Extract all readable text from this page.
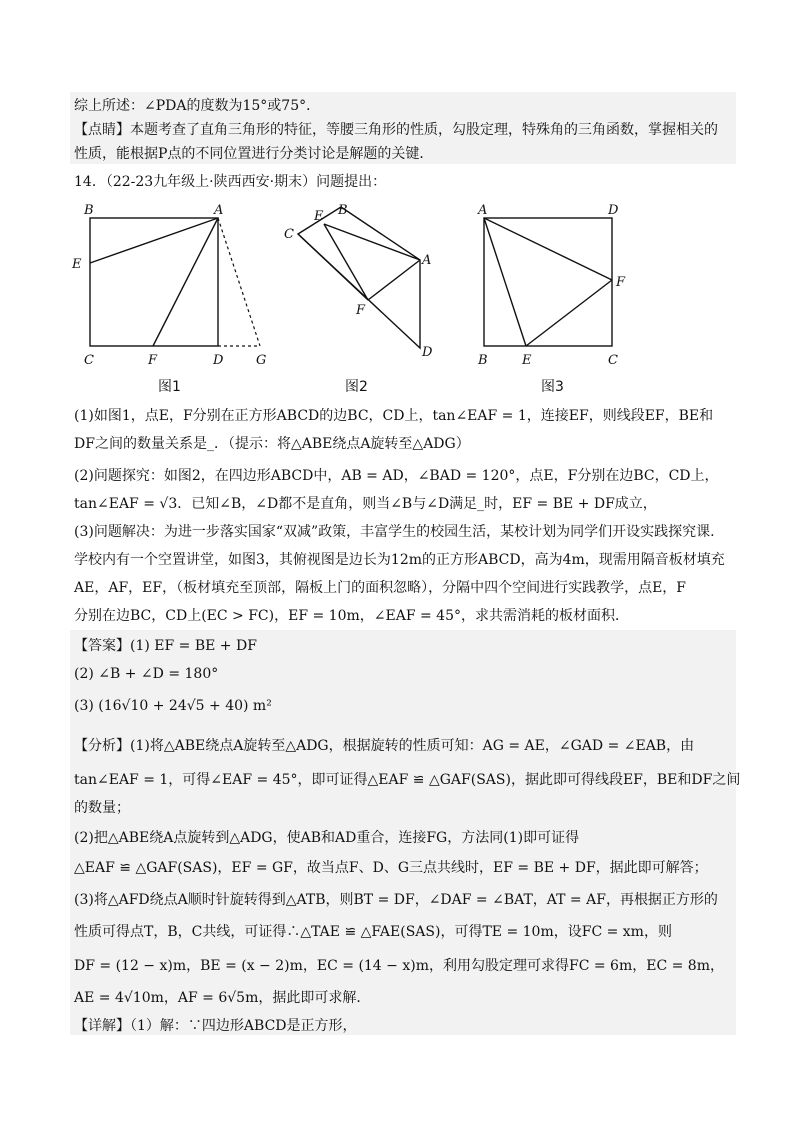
综上所述：∠PDA的度数为15°或75°．
【点睛】本题考查了直角三角形的特征，等腰三角形的性质，勾股定理，特殊角的三角函数，掌握相关的
性质，能根据P点的不同位置进行分类讨论是解题的关键．
14．（22-23九年级上·陕西西安·期末）问题提出：
B	A
E
C	F	D	G
图1
E B
C
A
F
D
图2
A	D
F
B	E	C
图3
(1)如图1，点E，F分别在正方形ABCD的边BC，CD上，tan∠EAF = 1，连接EF，则线段EF，BE和
DF之间的数量关系是_．（提示：将△ABE绕点A旋转至△ADG）
(2)问题探究：如图2，在四边形ABCD中，AB = AD，∠BAD = 120°，点E，F分别在边BC，CD上，
tan∠EAF = √3．已知∠B，∠D都不是直角，则当∠B与∠D满足_时，EF = BE + DF成立，
(3)问题解决：为进一步落实国家“双减”政策，丰富学生的校园生活，某校计划为同学们开设实践探究课.
学校内有一个空置讲堂，如图3，其俯视图是边长为12m的正方形ABCD，高为4m，现需用隔音板材填充
AE，AF，EF，（板材填充至顶部，隔板上门的面积忽略），分隔中四个空间进行实践教学，点E，F
分别在边BC，CD上(EC > FC)，EF = 10m，∠EAF = 45°，求共需消耗的板材面积．
【答案】(1) EF = BE + DF
(2) ∠B + ∠D = 180°
(3) (16√10 + 24√5 + 40) m²
【分析】(1)将△ABE绕点A旋转至△ADG，根据旋转的性质可知：AG = AE，∠GAD = ∠EAB，由
tan∠EAF = 1，可得∠EAF = 45°，即可证得△EAF ≌ △GAF(SAS)，据此即可得线段EF，BE和DF之间
的数量；
(2)把△ABE绕A点旋转到△ADG，使AB和AD重合，连接FG，方法同(1)即可证得
△EAF ≌ △GAF(SAS)，EF = GF，故当点F、D、G三点共线时，EF = BE + DF，据此即可解答；
(3)将△AFD绕点A顺时针旋转得到△ATB，则BT = DF，∠DAF = ∠BAT，AT = AF，再根据正方形的
性质可得点T，B，C共线，可证得∴△TAE ≌ △FAE(SAS)，可得TE = 10m，设FC = xm，则
DF = (12 − x)m，BE = (x − 2)m，EC = (14 − x)m，利用勾股定理可求得FC = 6m，EC = 8m，
AE = 4√10m，AF = 6√5m，据此即可求解．
【详解】（1）解：∵四边形ABCD是正方形，
